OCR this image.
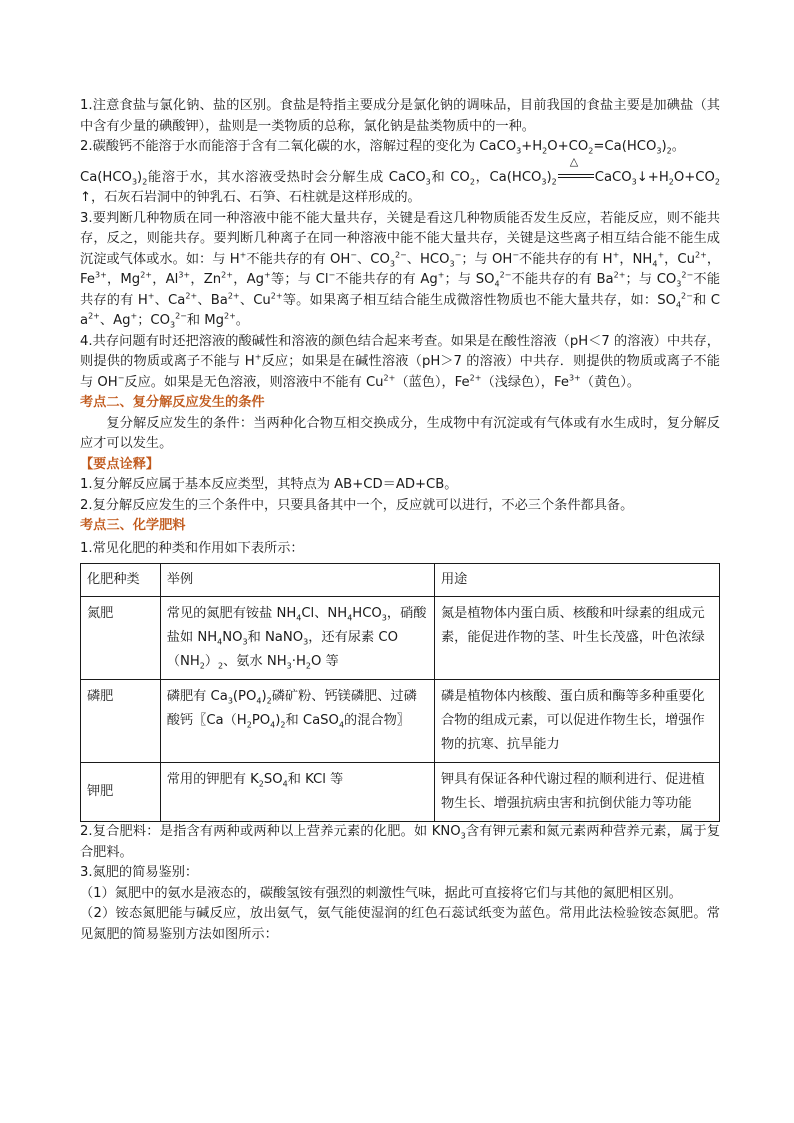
1.注意食盐与氯化钠、盐的区别。食盐是特指主要成分是氯化钠的调味品，目前我国的食盐主要是加碘盐（其中含有少量的碘酸钾），盐则是一类物质的总称，氯化钠是盐类物质中的一种。

2.碳酸钙不能溶于水而能溶于含有二氧化碳的水，溶解过程的变化为 $CaCO_3+H_2O+CO_2=Ca(HCO_3)_2$。

$Ca(HCO_3)_2$能溶于水，其水溶液受热时会分解生成 CaCO$_3$和 $CO_2$，$Ca(HCO_3)_2$
△
$CaCO_3↓+H_2O+CO_2↑$，石灰石岩洞中的钟乳石、石笋、石柱就是这样形成的。

3.要判断几种物质在同一种溶液中能不能大量共存，关键是看这几种物质能否发生反应，若能反应，则不能共存，反之，则能共存。要判断几种离子在同一种溶液中能不能大量共存，关键是这些离子相互结合能不能生成沉淀或气体或水。如：与 H+不能共存的有 OH−、$CO_3^{2-}$、$HCO_3^-$；与 OH−不能共存的有 H+，$NH_4^+$，$Cu^{2+}$，$Fe^{3+}$，$Mg^{2+}$，$Al^{3+}$，$Zn^{2+}$，Ag+等；与 Cl−不能共存的有 Ag+；与 $SO_4^{2-}$不能共存的有 $Ba^{2+}$；与 $CO_3^{2-}$不能共存的有 H+、$Ca^{2+}$、$Ba^{2+}$、$Cu^{2+}$等。如果离子相互结合能生成微溶性物质也不能大量共存，如：$SO_4^{2-}$和 $Ca^{2+}$、Ag+；$CO_3^{2-}$和 $Mg^{2+}$。

4.共存问题有时还把溶液的酸碱性和溶液的颜色结合起来考查。如果是在酸性溶液（pH＜7 的溶液）中共存，则提供的物质或离子不能与 H+反应；如果是在碱性溶液（pH＞7 的溶液）中共存．则提供的物质或离子不能与 OH−反应。如果是无色溶液，则溶液中不能有 $Cu^{2+}$（蓝色），$Fe^{2+}$（浅绿色），$Fe^{3+}$（黄色）。

考点二、复分解反应发生的条件

复分解反应发生的条件：当两种化合物互相交换成分，生成物中有沉淀或有气体或有水生成时，复分解反应才可以发生。

【要点诠释】

1.复分解反应属于基本反应类型，其特点为 AB+CD＝AD+CB。

2.复分解反应发生的三个条件中，只要具备其中一个，反应就可以进行，不必三个条件都具备。

考点三、化学肥料

1.常见化肥的种类和作用如下表所示：

化肥种类	举例	用途
氮肥	常见的氮肥有铵盐 $NH_4Cl$、$NH_4HCO_3$，硝酸盐如 $NH_4NO_3$和 NaNO$_3$，还有尿素 $CO(NH_2)_2$、氨水 $NH_3\cdot H_2O$ 等	氮是植物体内蛋白质、核酸和叶绿素的组成元素，能促进作物的茎、叶生长茂盛，叶色浓绿
磷肥	磷肥有 $Ca_3(PO_4)_2$磷矿粉、钙镁磷肥、过磷酸钙〖$Ca(H_2PO_4)_2$和 CaSO$_4$的混合物〗	磷是植物体内核酸、蛋白质和酶等多种重要化合物的组成元素，可以促进作物生长，增强作物的抗寒、抗旱能力
钾肥	常用的钾肥有 $K_2SO_4$和 KCl 等	钾具有保证各种代谢过程的顺利进行、促进植物生长、增强抗病虫害和抗倒伏能力等功能

2.复合肥料：是指含有两种或两种以上营养元素的化肥。如 $KNO_3$含有钾元素和氮元素两种营养元素，属于复合肥料。

3.氮肥的简易鉴别：

（1）氮肥中的氨水是液态的，碳酸氢铵有强烈的刺激性气味，据此可直接将它们与其他的氮肥相区别。

（2）铵态氮肥能与碱反应，放出氨气，氨气能使湿润的红色石蕊试纸变为蓝色。常用此法检验铵态氮肥。常见氮肥的简易鉴别方法如图所示：
